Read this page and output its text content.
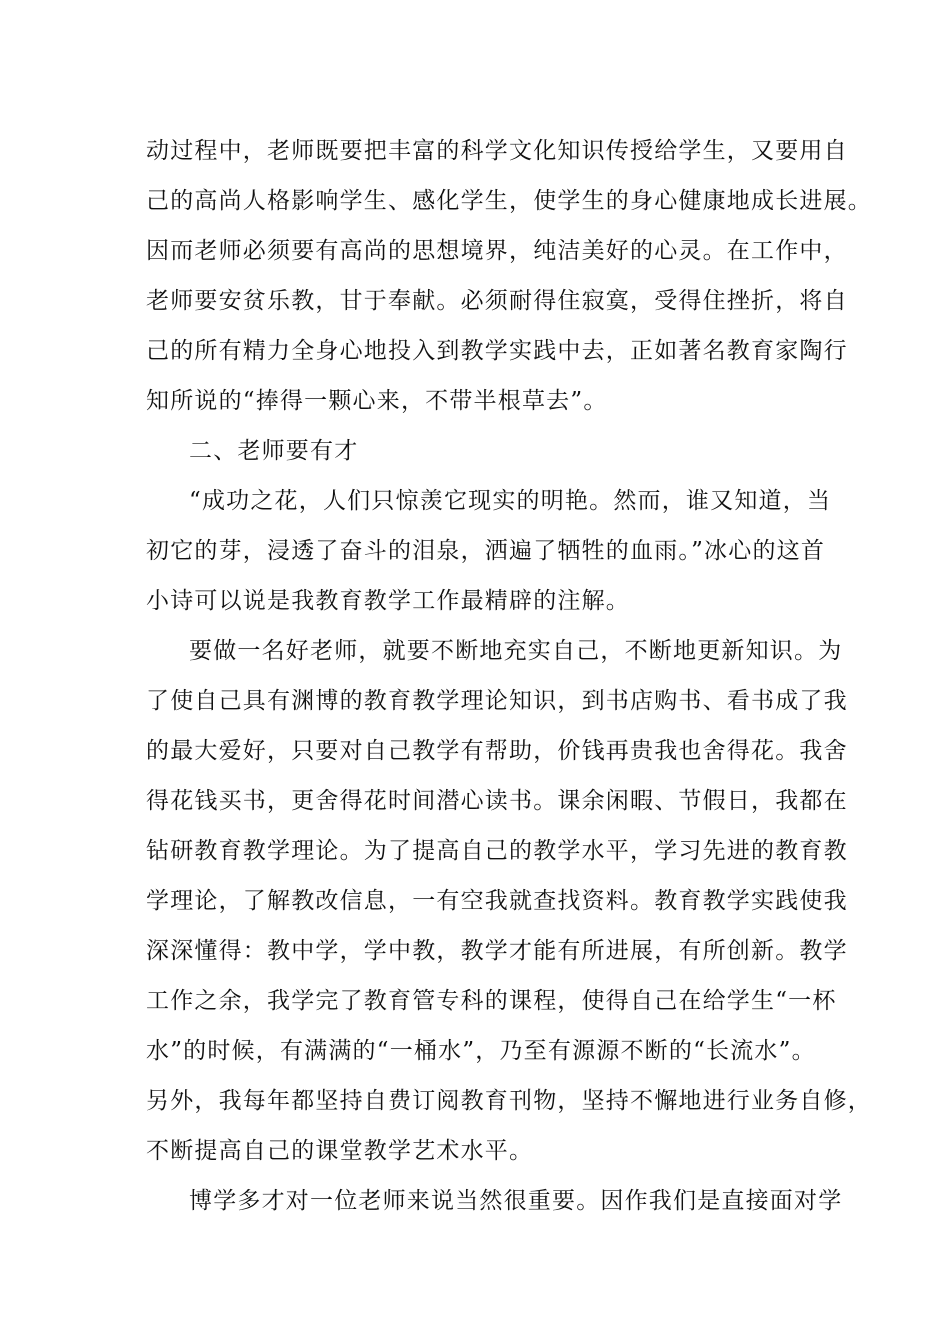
动过程中，老师既要把丰富的科学文化知识传授给学生，又要用自
己的高尚人格影响学生、感化学生，使学生的身心健康地成长进展。
因而老师必须要有高尚的思想境界，纯洁美好的心灵。在工作中，
老师要安贫乐教，甘于奉献。必须耐得住寂寞，受得住挫折，将自
己的所有精力全身心地投入到教学实践中去，正如著名教育家陶行
知所说的“捧得一颗心来，不带半根草去”。
二、老师要有才
“成功之花，人们只惊羡它现实的明艳。然而，谁又知道，当
初它的芽，浸透了奋斗的泪泉，洒遍了牺牲的血雨。”冰心的这首
小诗可以说是我教育教学工作最精辟的注解。
要做一名好老师，就要不断地充实自己，不断地更新知识。为
了使自己具有渊博的教育教学理论知识，到书店购书、看书成了我
的最大爱好，只要对自己教学有帮助，价钱再贵我也舍得花。我舍
得花钱买书，更舍得花时间潜心读书。课余闲暇、节假日，我都在
钻研教育教学理论。为了提高自己的教学水平，学习先进的教育教
学理论，了解教改信息，一有空我就查找资料。教育教学实践使我
深深懂得：教中学，学中教，教学才能有所进展，有所创新。教学
工作之余，我学完了教育管专科的课程，使得自己在给学生“一杯
水”的时候，有满满的“一桶水”，乃至有源源不断的“长流水”。
另外，我每年都坚持自费订阅教育刊物，坚持不懈地进行业务自修，
不断提高自己的课堂教学艺术水平。
博学多才对一位老师来说当然很重要。因作我们是直接面对学
